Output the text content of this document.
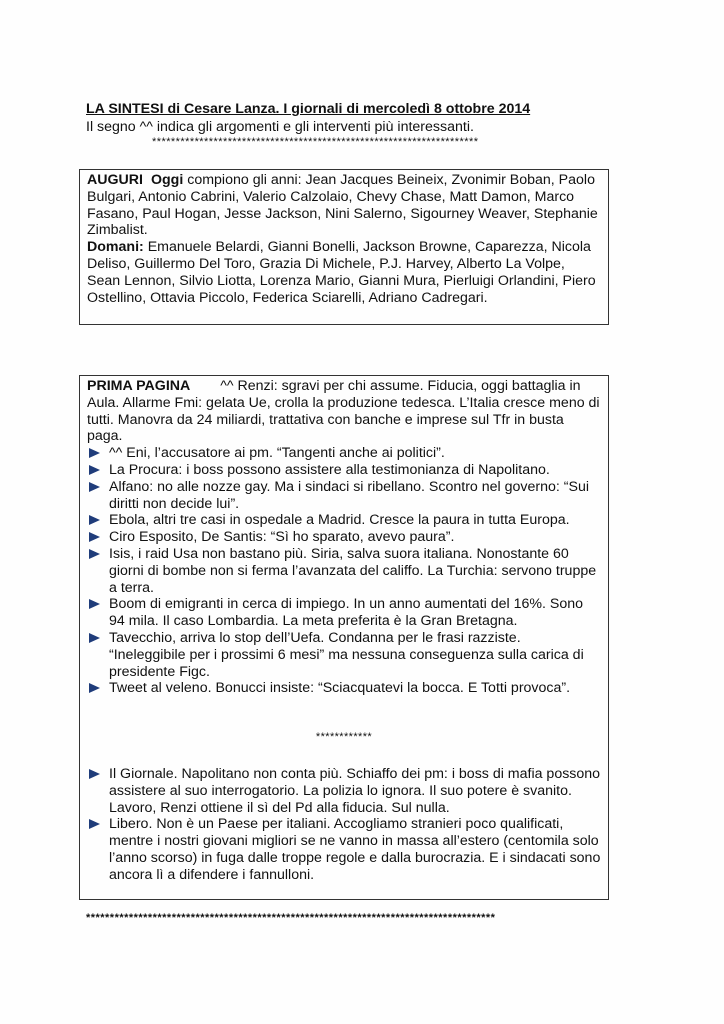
LA SINTESI di Cesare Lanza. I giornali di mercoledì 8 ottobre 2014
Il segno ^^ indica gli argomenti e gli interventi più interessanti.
*********************************************************************

AUGURI Oggi compiono gli anni: Jean Jacques Beineix, Zvonimir Boban, Paolo Bulgari, Antonio Cabrini, Valerio Calzolaio, Chevy Chase, Matt Damon, Marco Fasano, Paul Hogan, Jesse Jackson, Nini Salerno, Sigourney Weaver, Stephanie Zimbalist.

Domani: Emanuele Belardi, Gianni Bonelli, Jackson Browne, Caparezza, Nicola Deliso, Guillermo Del Toro, Grazia Di Michele, P.J. Harvey, Alberto La Volpe, Sean Lennon, Silvio Liotta, Lorenza Mario, Gianni Mura, Pierluigi Orlandini, Piero Ostellino, Ottavia Piccolo, Federica Sciarelli, Adriano Cadregari.

PRIMA PAGINA ^^ Renzi: sgravi per chi assume. Fiducia, oggi battaglia in Aula. Allarme Fmi: gelata Ue, crolla la produzione tedesca. L’Italia cresce meno di tutti. Manovra da 24 miliardi, trattativa con banche e imprese sul Tfr in busta paga.

^^ Eni, l’accusatore ai pm. “Tangenti anche ai politici”.
La Procura: i boss possono assistere alla testimonianza di Napolitano.
Alfano: no alle nozze gay. Ma i sindaci si ribellano. Scontro nel governo: “Sui diritti non decide lui”.
Ebola, altri tre casi in ospedale a Madrid. Cresce la paura in tutta Europa.
Ciro Esposito, De Santis: “Sì ho sparato, avevo paura”.
Isis, i raid Usa non bastano più. Siria, salva suora italiana. Nonostante 60 giorni di bombe non si ferma l’avanzata del califfo. La Turchia: servono truppe a terra.
Boom di emigranti in cerca di impiego. In un anno aumentati del 16%. Sono 94 mila. Il caso Lombardia. La meta preferita è la Gran Bretagna.
Tavecchio, arriva lo stop dell’Uefa. Condanna per le frasi razziste. “Ineleggibile per i prossimi 6 mesi” ma nessuna conseguenza sulla carica di presidente Figc.
Tweet al veleno. Bonucci insiste: “Sciacquatevi la bocca. E Totti provoca”.
************
Il Giornale. Napolitano non conta più. Schiaffo dei pm: i boss di mafia possono assistere al suo interrogatorio. La polizia lo ignora. Il suo potere è svanito. Lavoro, Renzi ottiene il sì del Pd alla fiducia. Sul nulla.
Libero. Non è un Paese per italiani. Accogliamo stranieri poco qualificati, mentre i nostri giovani migliori se ne vanno in massa all’estero (centomila solo l’anno scorso) in fuga dalle troppe regole e dalla burocrazia. E i sindacati sono ancora lì a difendere i fannulloni.
**************************************************************************************
